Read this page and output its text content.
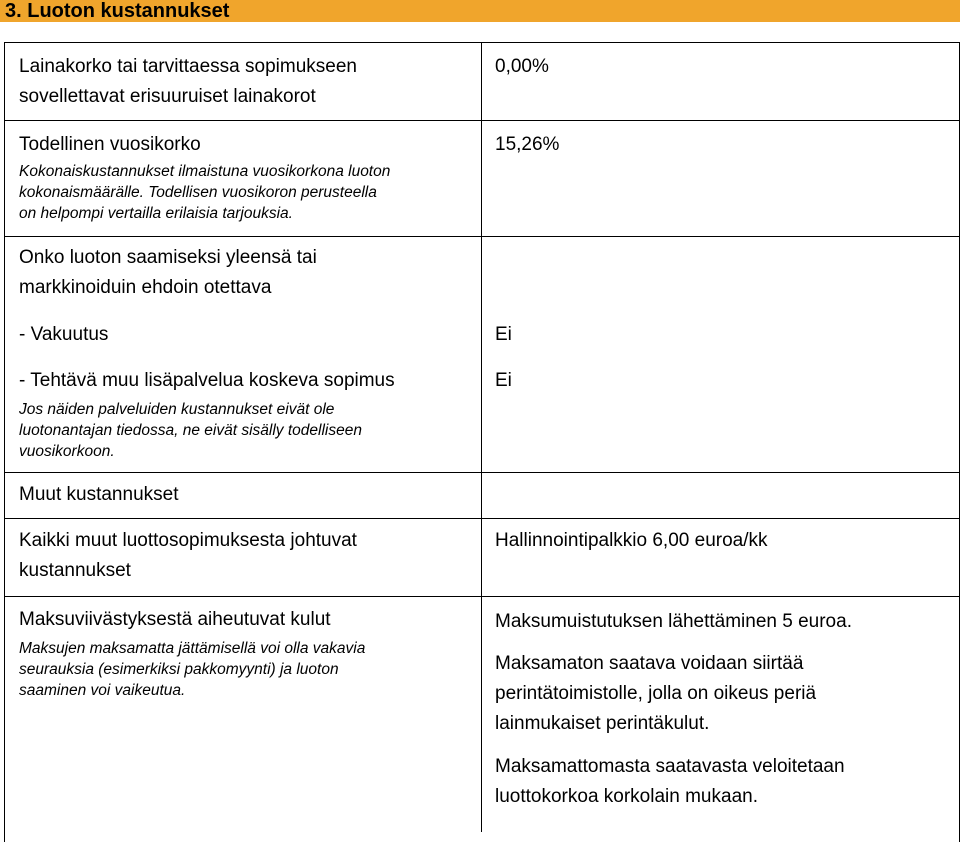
3. Luoton kustannukset
Lainakorko tai tarvittaessa sopimukseen
sovellettavat erisuuruiset lainakorot
0,00%
Todellinen vuosikorko
Kokonaiskustannukset ilmaistuna vuosikorkona luoton
kokonaismäärälle. Todellisen vuosikoron perusteella
on helpompi vertailla erilaisia tarjouksia.
15,26%
Onko luoton saamiseksi yleensä tai
markkinoiduin ehdoin otettava
- Vakuutus	Ei
- Tehtävä muu lisäpalvelua koskeva sopimus	Ei
Jos näiden palveluiden kustannukset eivät ole
luotonantajan tiedossa, ne eivät sisälly todelliseen
vuosikorkoon.
Muut kustannukset
Kaikki muut luottosopimuksesta johtuvat
kustannukset
Hallinnointipalkkio 6,00 euroa/kk
Maksuviivästyksestä aiheutuvat kulut
Maksujen maksamatta jättämisellä voi olla vakavia
seurauksia (esimerkiksi pakkomyynti) ja luoton
saaminen voi vaikeutua.
Maksumuistutuksen lähettäminen 5 euroa.
Maksamaton saatava voidaan siirtää
perintätoimistolle, jolla on oikeus periä
lainmukaiset perintäkulut.
Maksamattomasta saatavasta veloitetaan
luottokorkoa korkolain mukaan.
